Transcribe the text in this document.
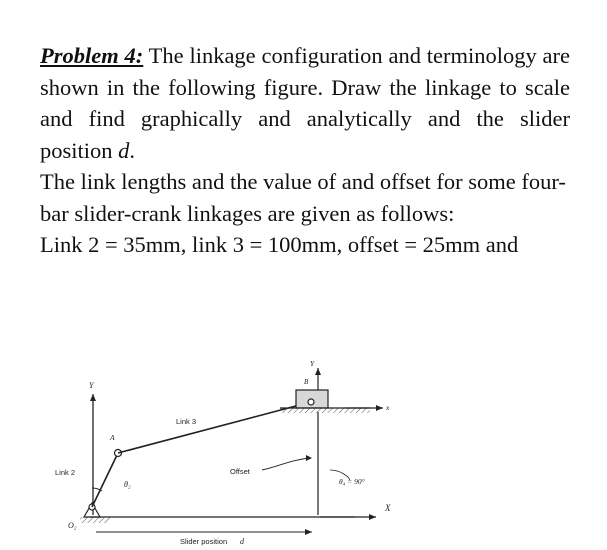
Problem 4: The linkage configuration and terminology are shown in the following figure. Draw the linkage to scale and find graphically and analytically and the slider position d.

The link lengths and the value of and offset for some four-bar slider-crank linkages are given as follows:

Link 2 = 35mm, link 3 = 100mm, offset = 25mm and

Y
X
O₂
Link 2
A
θ₂
Link 3
B
x
Y
Offset
θ₄ = 90°
Slider position d
